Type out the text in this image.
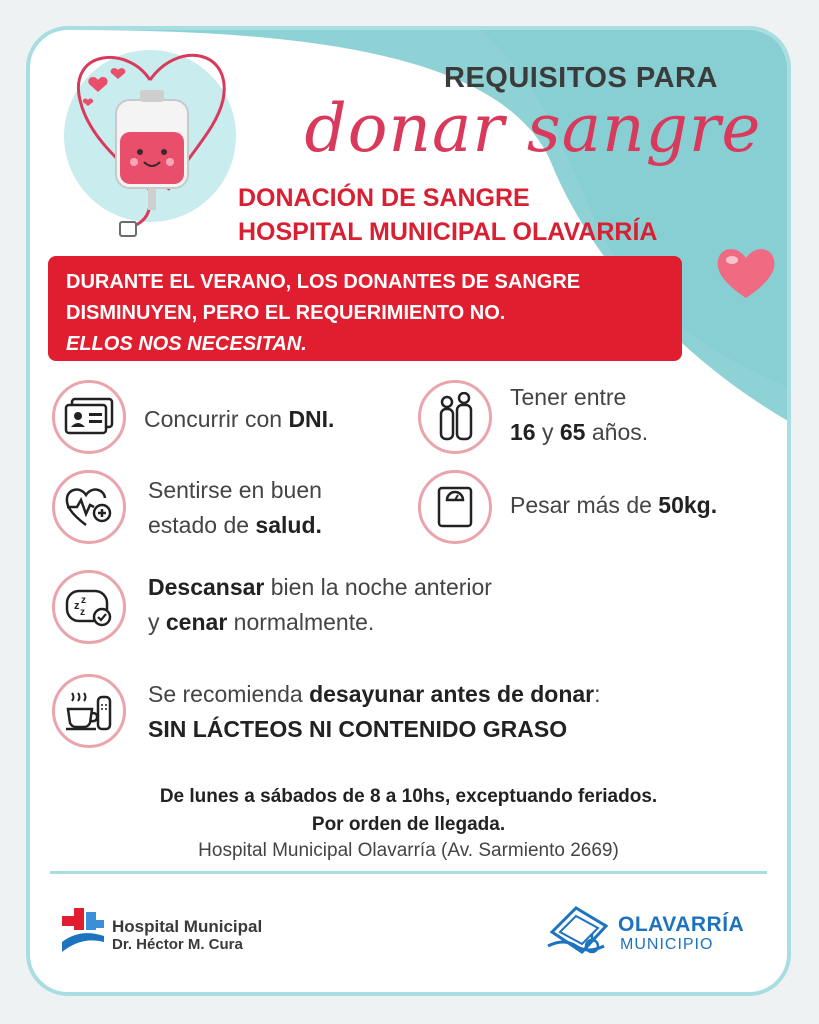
REQUISITOS PARA
donar sangre
DONACIÓN DE SANGRE
HOSPITAL MUNICIPAL OLAVARRÍA
DURANTE EL VERANO, LOS DONANTES DE SANGRE
DISMINUYEN, PERO EL REQUERIMIENTO NO.
ELLOS NOS NECESITAN.
Concurrir con DNI.
Tener entre
16 y 65 años.
Sentirse en buen
estado de salud.
Pesar más de 50kg.
z z
z
Descansar bien la noche anterior
y cenar normalmente.
Se recomienda desayunar antes de donar:
SIN LÁCTEOS NI CONTENIDO GRASO
De lunes a sábados de 8 a 10hs, exceptuando feriados.
Por orden de llegada.
Hospital Municipal Olavarría (Av. Sarmiento 2669)
Hospital Municipal
Dr. Héctor M. Cura
OLAVARRÍA
MUNICIPIO
